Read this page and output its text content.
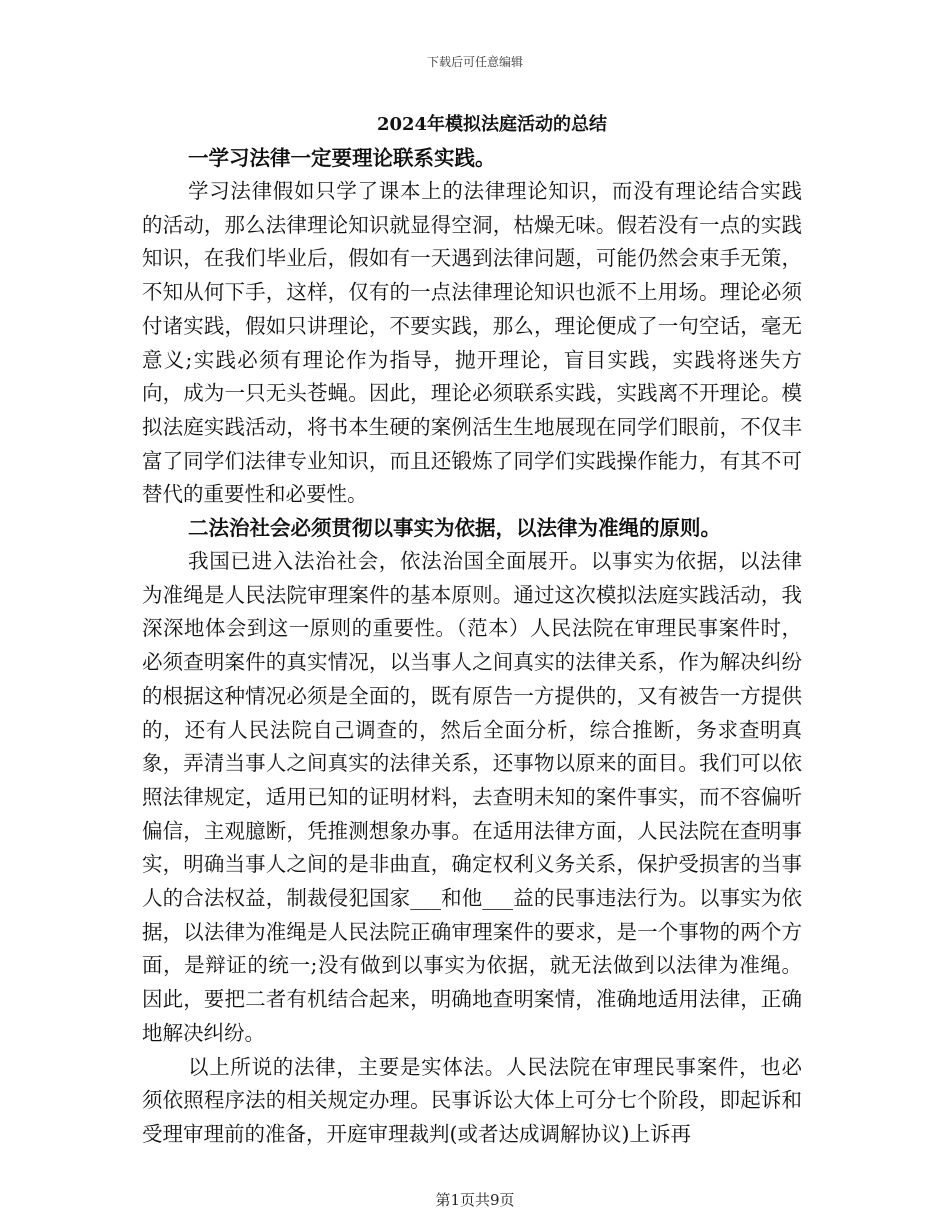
下载后可任意编辑
2024年模拟法庭活动的总结
一学习法律一定要理论联系实践。

学习法律假如只学了课本上的法律理论知识，而没有理论结合实践的活动，那么法律理论知识就显得空洞，枯燥无味。假若没有一点的实践知识，在我们毕业后，假如有一天遇到法律问题，可能仍然会束手无策，不知从何下手，这样，仅有的一点法律理论知识也派不上用场。理论必须付诸实践，假如只讲理论，不要实践，那么，理论便成了一句空话，毫无意义;实践必须有理论作为指导，抛开理论，盲目实践，实践将迷失方向，成为一只无头苍蝇。因此，理论必须联系实践，实践离不开理论。模拟法庭实践活动，将书本生硬的案例活生生地展现在同学们眼前，不仅丰富了同学们法律专业知识，而且还锻炼了同学们实践操作能力，有其不可替代的重要性和必要性。

二法治社会必须贯彻以事实为依据，以法律为准绳的原则。

我国已进入法治社会，依法治国全面展开。以事实为依据，以法律为准绳是人民法院审理案件的基本原则。通过这次模拟法庭实践活动，我深深地体会到这一原则的重要性。（范本）人民法院在审理民事案件时，必须查明案件的真实情况，以当事人之间真实的法律关系，作为解决纠纷的根据这种情况必须是全面的，既有原告一方提供的，又有被告一方提供的，还有人民法院自己调查的，然后全面分析，综合推断，务求查明真象，弄清当事人之间真实的法律关系，还事物以原来的面目。我们可以依照法律规定，适用已知的证明材料，去查明未知的案件事实，而不容偏听偏信，主观臆断，凭推测想象办事。在适用法律方面，人民法院在查明事实，明确当事人之间的是非曲直，确定权利义务关系，保护受损害的当事人的合法权益，制裁侵犯国家___和他___益的民事违法行为。以事实为依据，以法律为准绳是人民法院正确审理案件的要求，是一个事物的两个方面，是辩证的统一;没有做到以事实为依据，就无法做到以法律为准绳。因此，要把二者有机结合起来，明确地查明案情，准确地适用法律，正确地解决纠纷。

以上所说的法律，主要是实体法。人民法院在审理民事案件，也必须依照程序法的相关规定办理。民事诉讼大体上可分七个阶段，即起诉和受理审理前的准备，开庭审理裁判(或者达成调解协议)上诉再

第1页共9页
